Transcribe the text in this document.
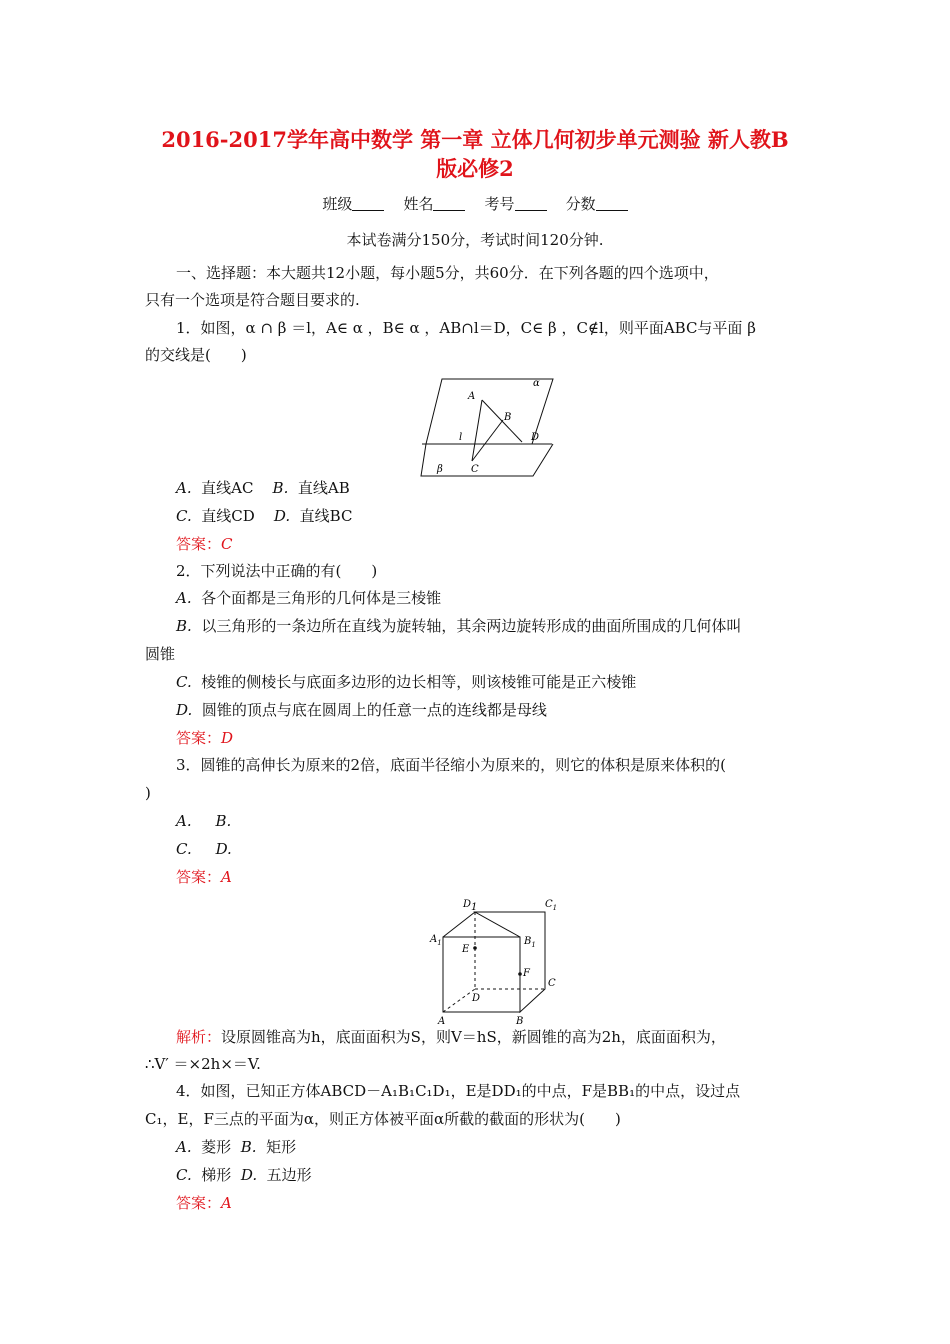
2016-2017学年高中数学 第一章 立体几何初步单元测验 新人教B
版必修2
班级	姓名	考号	分数
本试卷满分150分，考试时间120分钟.
一、选择题：本大题共12小题，每小题5分，共60分．在下列各题的四个选项中，
只有一个选项是符合题目要求的.
1．如图，α ∩ β ＝l，A∈ α ，B∈ α ，AB∩l＝D，C∈ β ，C∉l，则平面ABC与平面 β
的交线是(　　)
α
A
B
l	D
C
β
A. 直线AC B. 直线AB
C. 直线CD D. 直线BC
答案：C
2．下列说法中正确的有(　　)
A. 各个面都是三角形的几何体是三棱锥
B. 以三角形的一条边所在直线为旋转轴，其余两边旋转形成的曲面所围成的几何体叫
圆锥
C. 棱锥的侧棱长与底面多边形的边长相等，则该棱锥可能是正六棱锥
D. 圆锥的顶点与底在圆周上的任意一点的连线都是母线
答案：D
3．圆锥的高伸长为原来的2倍，底面半径缩小为原来的，则它的体积是原来体积的(
)
A. B.
C. D.
答案：A
D1	$C_1$
$A_1$	$B_1$
E
F
C
D
A	B
解析：设原圆锥高为h，底面面积为S，则V＝hS，新圆锥的高为2h，底面面积为，
∴V′ ＝×2h×＝V.
4．如图，已知正方体ABCD－A₁B₁C₁D₁，E是DD₁的中点，F是BB₁的中点，设过点
C₁，E，F三点的平面为α，则正方体被平面α所截的截面的形状为(　　)
A. 菱形 B. 矩形
C. 梯形 D. 五边形
答案：A
